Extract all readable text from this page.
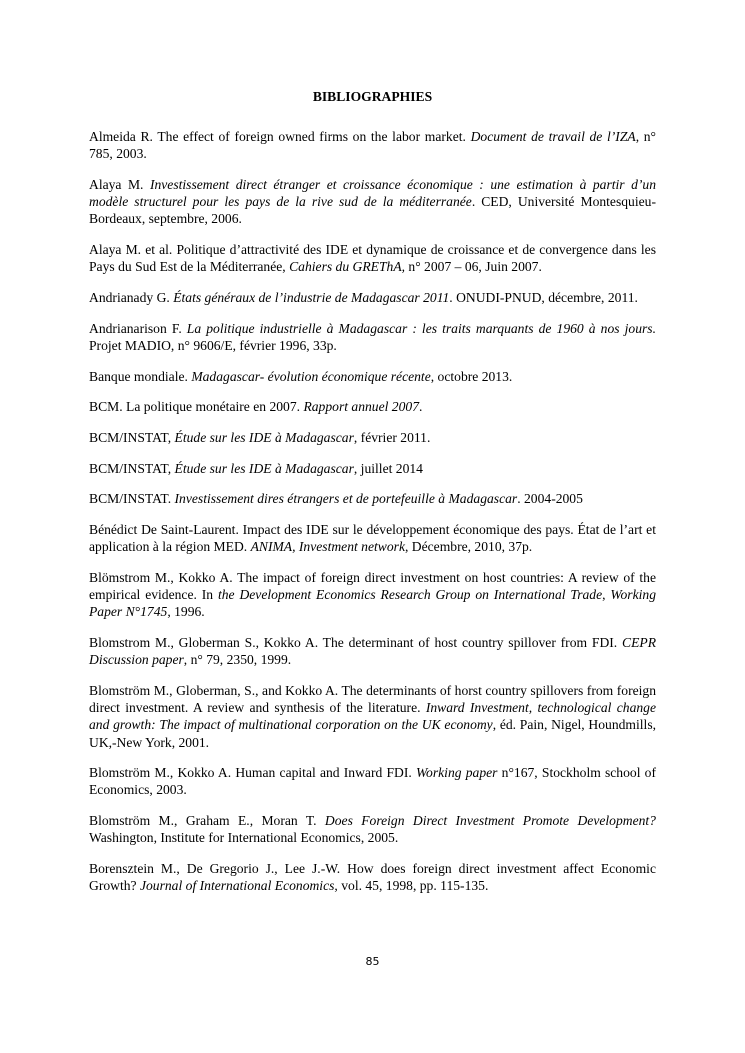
BIBLIOGRAPHIES

Almeida R. The effect of foreign owned firms on the labor market. Document de travail de l’IZA, n° 785, 2003.

Alaya M. Investissement direct étranger et croissance économique : une estimation à partir d’un modèle structurel pour les pays de la rive sud de la méditerranée. CED, Université Montesquieu-Bordeaux, septembre, 2006.

Alaya M. et al. Politique d’attractivité des IDE et dynamique de croissance et de convergence dans les Pays du Sud Est de la Méditerranée, Cahiers du GREThA, n° 2007 – 06, Juin 2007.

Andrianady G. États généraux de l’industrie de Madagascar 2011. ONUDI-PNUD, décembre, 2011.

Andrianarison F. La politique industrielle à Madagascar : les traits marquants de 1960 à nos jours. Projet MADIO, n° 9606/E, février 1996, 33p.

Banque mondiale. Madagascar- évolution économique récente, octobre 2013.

BCM. La politique monétaire en 2007. Rapport annuel 2007.

BCM/INSTAT, Étude sur les IDE à Madagascar, février 2011.

BCM/INSTAT, Étude sur les IDE à Madagascar, juillet 2014

BCM/INSTAT. Investissement dires étrangers et de portefeuille à Madagascar. 2004-2005

Bénédict De Saint-Laurent. Impact des IDE sur le développement économique des pays. État de l’art et application à la région MED. ANIMA, Investment network, Décembre, 2010, 37p.

Blömstrom M., Kokko A. The impact of foreign direct investment on host countries: A review of the empirical evidence. In the Development Economics Research Group on International Trade, Working Paper N°1745, 1996.

Blomstrom M., Globerman S., Kokko A. The determinant of host country spillover from FDI. CEPR Discussion paper, n° 79, 2350, 1999.

Blomström M., Globerman, S., and Kokko A. The determinants of horst country spillovers from foreign direct investment. A review and synthesis of the literature. Inward Investment, technological change and growth: The impact of multinational corporation on the UK economy, éd. Pain, Nigel, Houndmills, UK,-New York, 2001.

Blomström M., Kokko A. Human capital and Inward FDI. Working paper n°167, Stockholm school of Economics, 2003.

Blomström M., Graham E., Moran T. Does Foreign Direct Investment Promote Development? Washington, Institute for International Economics, 2005.

Borensztein M., De Gregorio J., Lee J.-W. How does foreign direct investment affect Economic Growth? Journal of International Economics, vol. 45, 1998, pp. 115-135.

85
